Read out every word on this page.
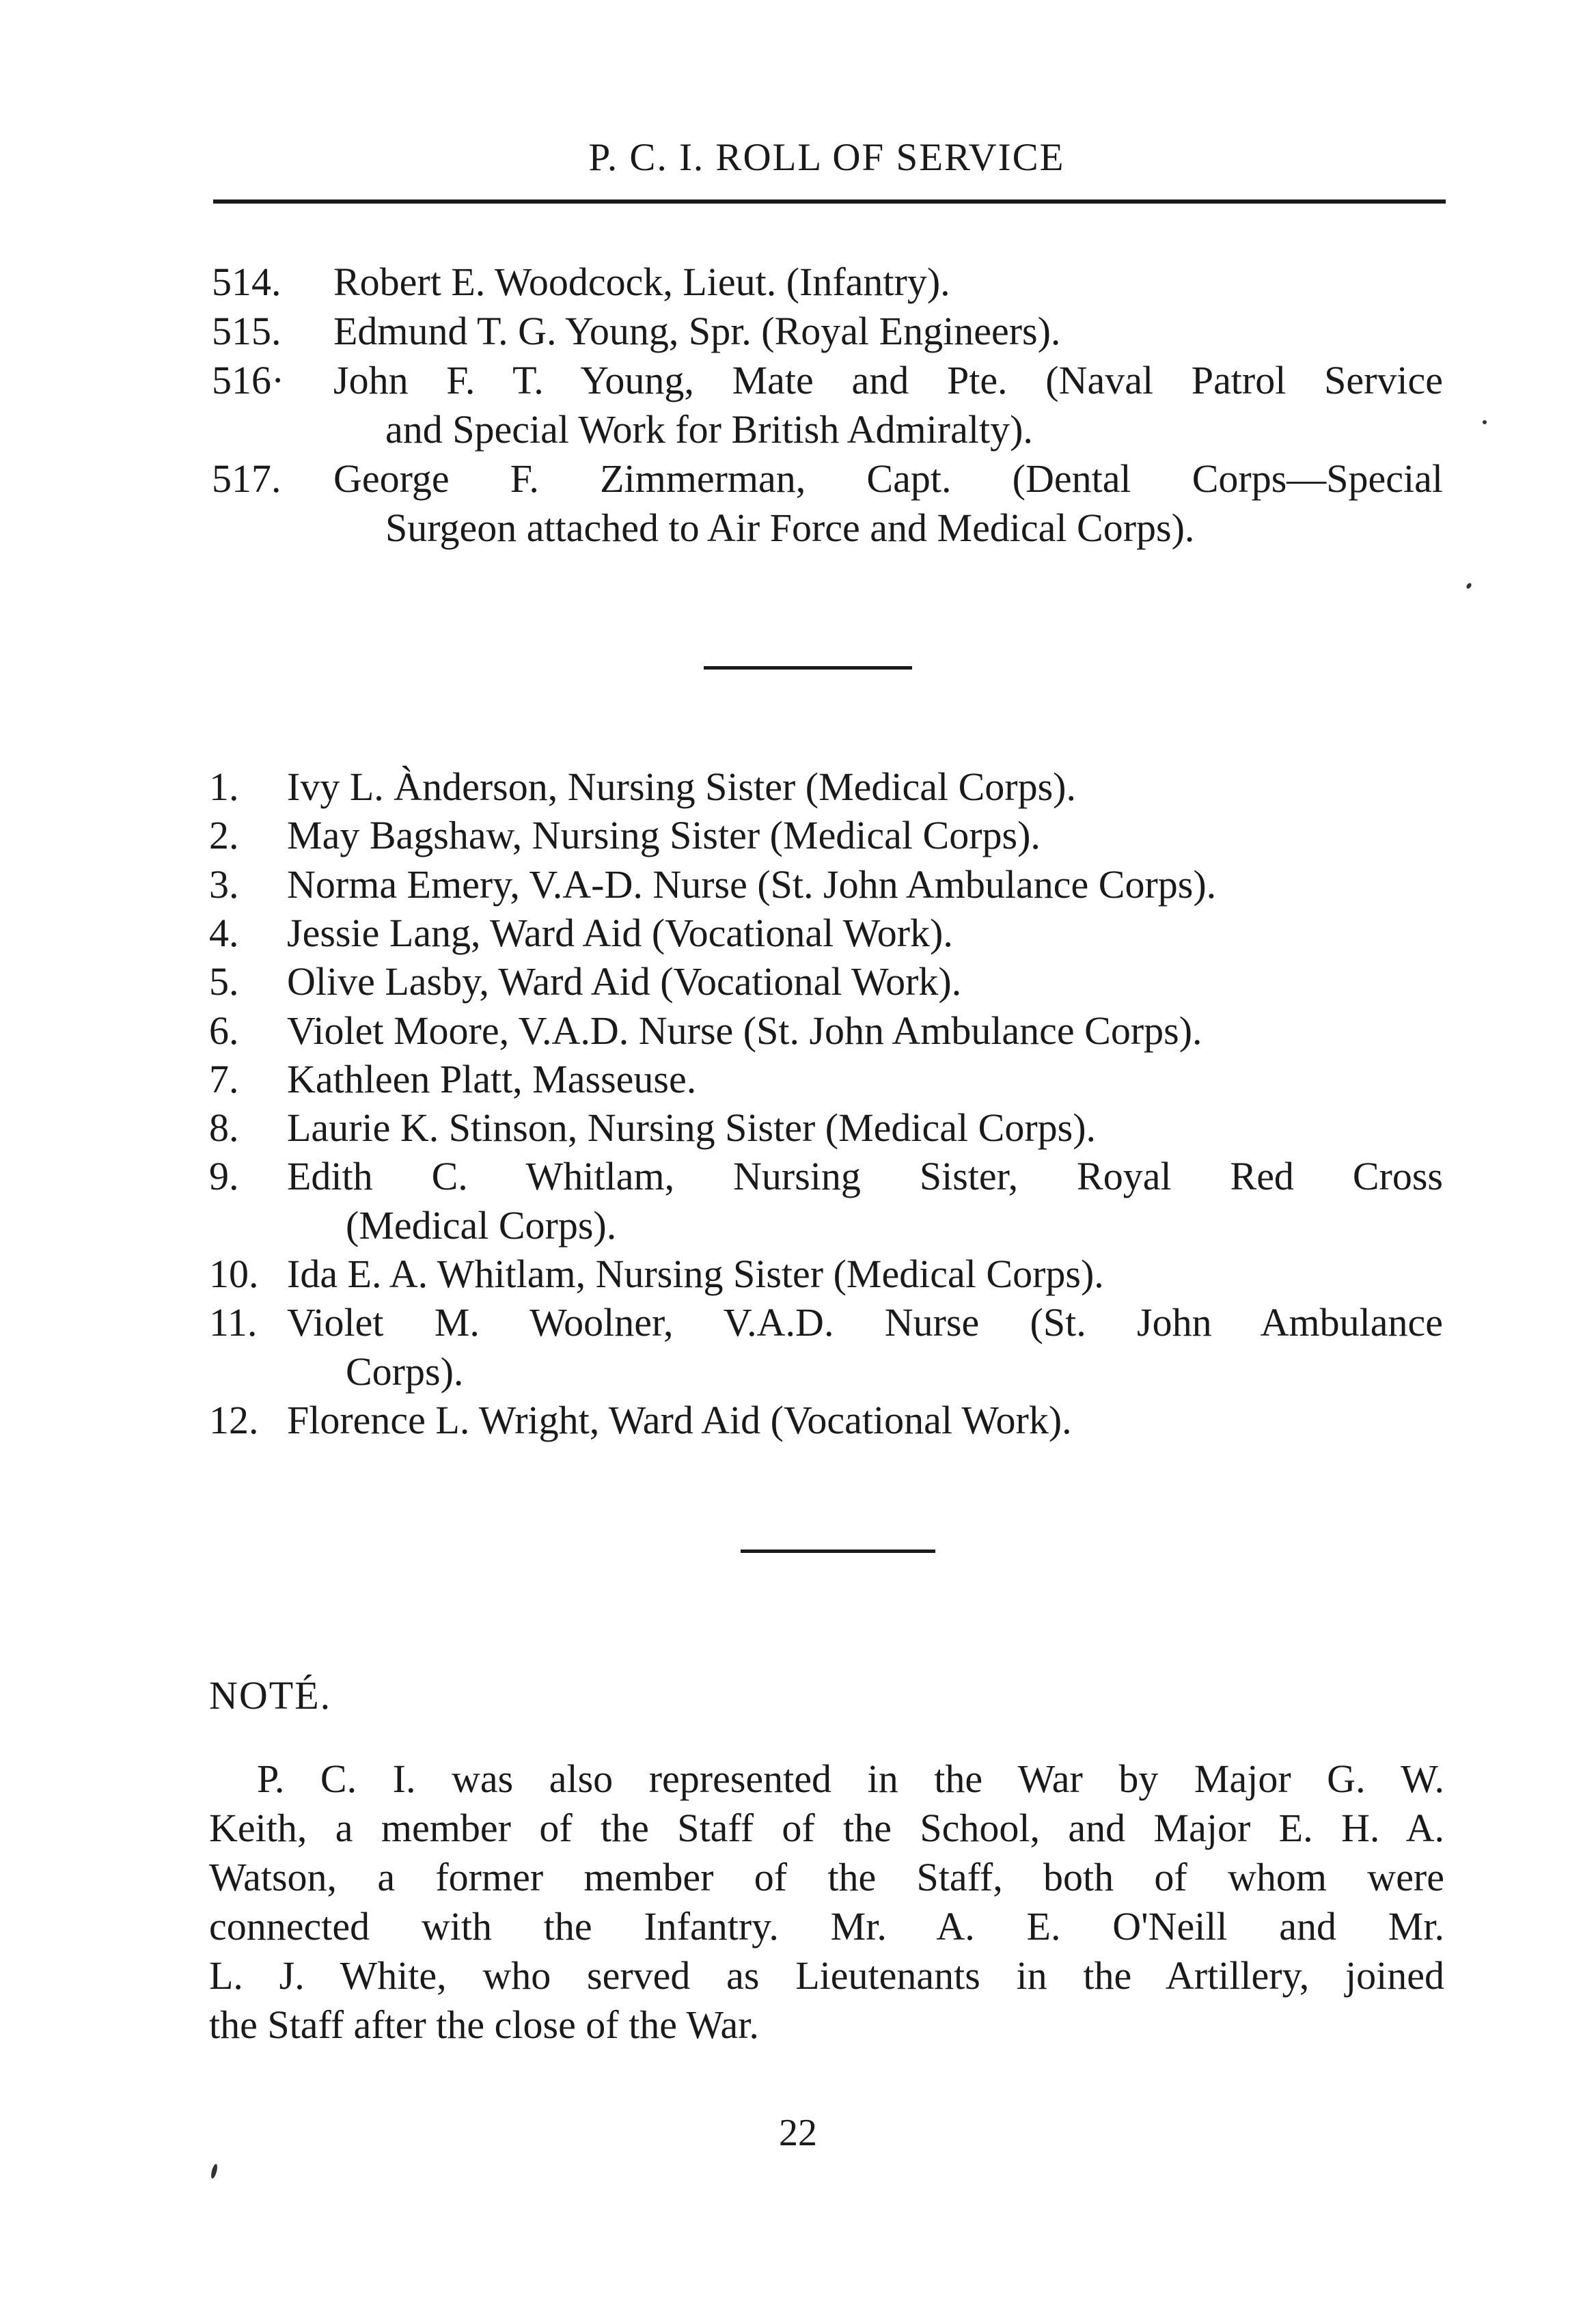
P. C. I. ROLL OF SERVICE
514. Robert E. Woodcock, Lieut. (Infantry).
515. Edmund T. G. Young, Spr. (Royal Engineers).
516· John F. T. Young, Mate and Pte. (Naval Patrol Service
and Special Work for British Admiralty).
517. George F. Zimmerman, Capt. (Dental Corps—Special
Surgeon attached to Air Force and Medical Corps).
1. Ivy L. Ànderson, Nursing Sister (Medical Corps).
2. May Bagshaw, Nursing Sister (Medical Corps).
3. Norma Emery, V.A-D. Nurse (St. John Ambulance Corps).
4. Jessie Lang, Ward Aid (Vocational Work).
5. Olive Lasby, Ward Aid (Vocational Work).
6. Violet Moore, V.A.D. Nurse (St. John Ambulance Corps).
7. Kathleen Platt, Masseuse.
8. Laurie K. Stinson, Nursing Sister (Medical Corps).
9. Edith C. Whitlam, Nursing Sister, Royal Red Cross
(Medical Corps).
10. Ida E. A. Whitlam, Nursing Sister (Medical Corps).
11. Violet M. Woolner, V.A.D. Nurse (St. John Ambulance
Corps).
12. Florence L. Wright, Ward Aid (Vocational Work).
NOTÉ.
P. C. I. was also represented in the War by Major G. W.
Keith, a member of the Staff of the School, and Major E. H. A.
Watson, a former member of the Staff, both of whom were
connected with the Infantry. Mr. A. E. O'Neill and Mr.
L. J. White, who served as Lieutenants in the Artillery, joined
the Staff after the close of the War.
22
